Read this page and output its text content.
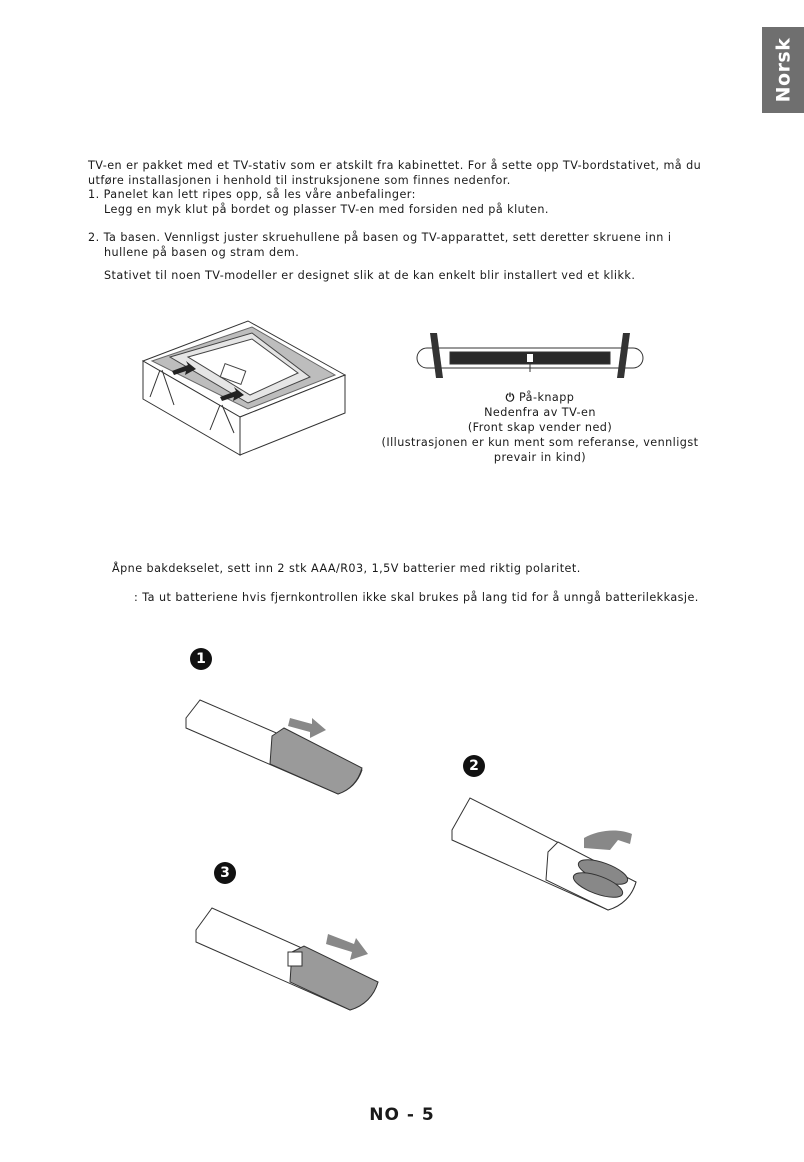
Norsk
TV-en er pakket med et TV-stativ som er atskilt fra kabinettet. For å sette opp TV-bordstativet, må du
utføre installasjonen i henhold til instruksjonene som finnes nedenfor.
1. Panelet kan lett ripes opp, så les våre anbefalinger:
Legg en myk klut på bordet og plasser TV-en med forsiden ned på kluten.
2. Ta basen. Vennligst juster skruehullene på basen og TV-apparattet, sett deretter skruene inn i
hullene på basen og stram dem.
Stativet til noen TV-modeller er designet slik at de kan enkelt blir installert ved et klikk.
⏻ På-knapp
Nedenfra av TV-en
(Front skap vender ned)
(Illustrasjonen er kun ment som referanse, vennligst
prevair in kind)
Åpne bakdekselet, sett inn 2 stk AAA/R03, 1,5V batterier med riktig polaritet.
: Ta ut batteriene hvis fjernkontrollen ikke skal brukes på lang tid for å unngå batterilekkasje.
1
2
3
NO - 5
